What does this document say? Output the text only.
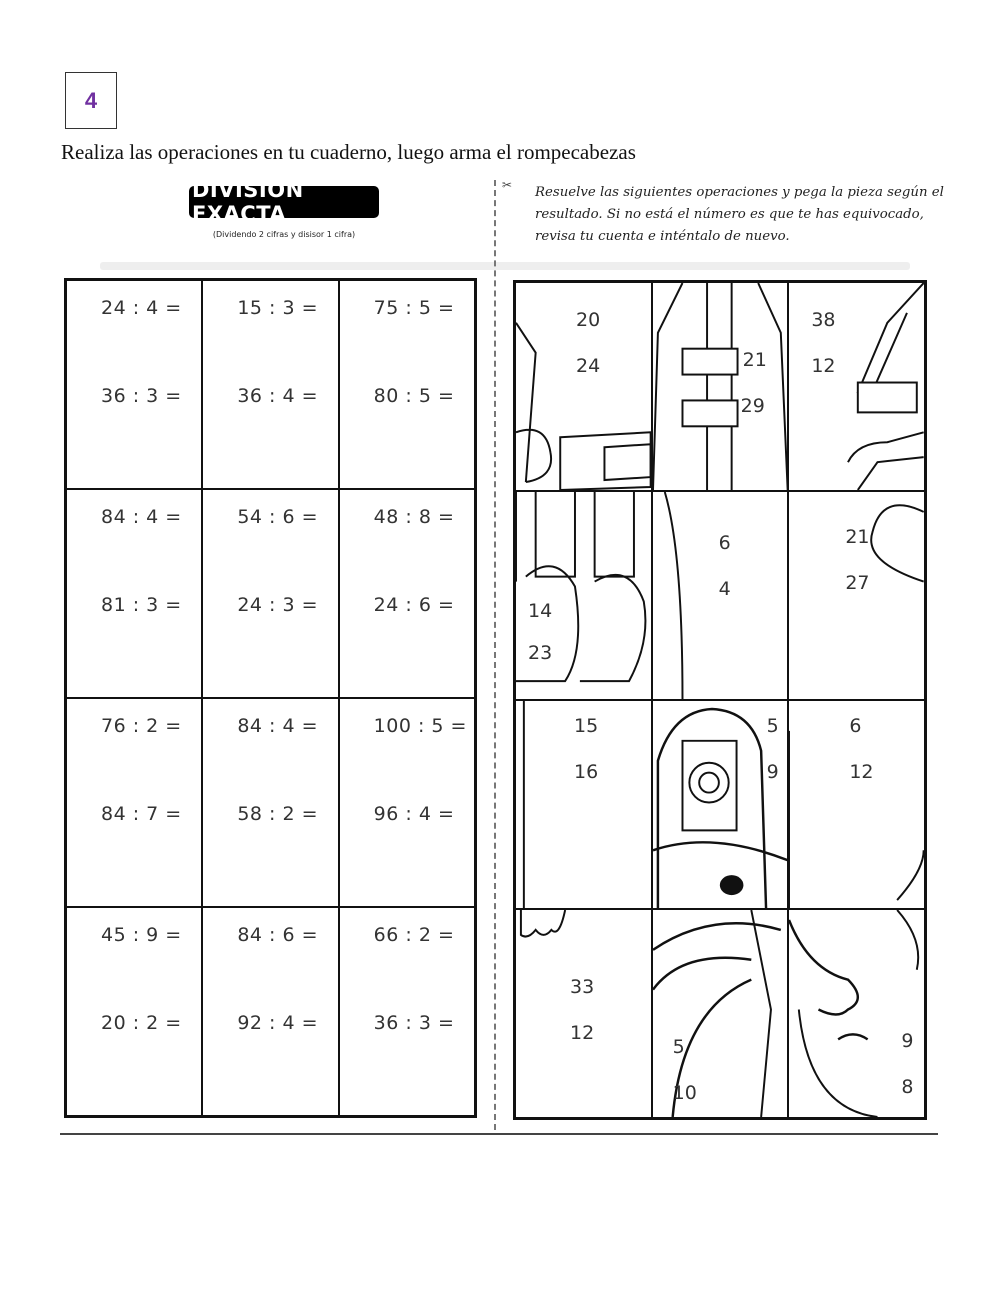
4
Realiza las operaciones en tu cuaderno, luego arma el rompecabezas
DIVISIÓN EXACTA
(Dividendo 2 cifras y disisor 1 cifra)
✂ Resuelve las siguientes operaciones y pega la pieza según el resultado. Si no está el número es que te has equivocado, revisa tu cuenta e inténtalo de nuevo.
24 : 4 =
36 : 3 =
15 : 3 =
36 : 4 =
75 : 5 =
80 : 5 =
84 : 4 =
81 : 3 =
54 : 6 =
24 : 3 =
48 : 8 =
24 : 6 =
76 : 2 =
84 : 7 =
84 : 4 =
58 : 2 =
100 : 5 =
96 : 4 =
45 : 9 =
20 : 2 =
84 : 6 =
92 : 4 =
66 : 2 =
36 : 3 =
20
24	21
29
38
12
14
23
6
4
21
27
15
16
5
9
6
12
33
12
5
10
9
8
